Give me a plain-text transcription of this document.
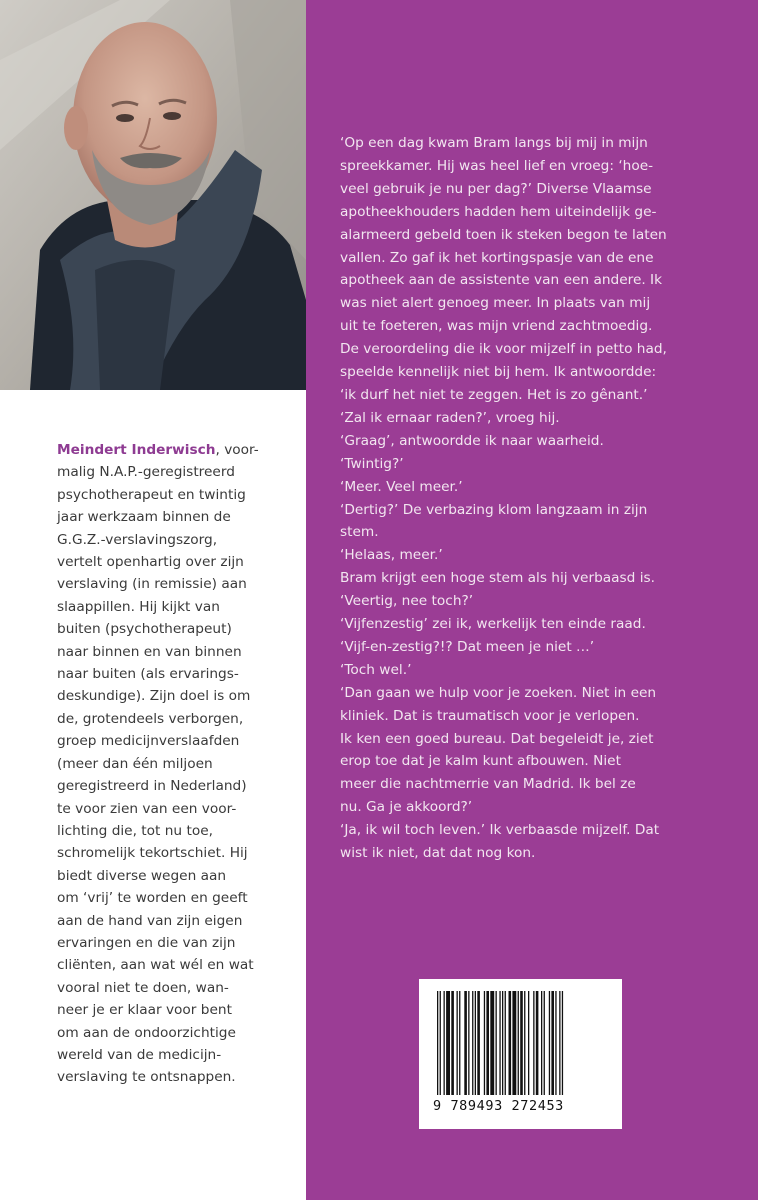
Meindert Inderwisch, voor-
malig N.A.P.-geregistreerd
psychotherapeut en twintig
jaar werkzaam binnen de
G.G.Z.-verslavingszorg,
vertelt openhartig over zijn
verslaving (in remissie) aan
slaappillen. Hij kijkt van
buiten (psychotherapeut)
naar binnen en van binnen
naar buiten (als ervarings-
deskundige). Zijn doel is om
de, grotendeels verborgen,
groep medicijnverslaafden
(meer dan één miljoen
geregistreerd in Nederland)
te voor zien van een voor-
lichting die, tot nu toe,
schromelijk tekortschiet. Hij
biedt diverse wegen aan
om ‘vrij’ te worden en geeft
aan de hand van zijn eigen
ervaringen en die van zijn
cliënten, aan wat wél en wat
vooral niet te doen, wan-
neer je er klaar voor bent
om aan de ondoorzichtige
wereld van de medicijn-
verslaving te ontsnappen.

‘Op een dag kwam Bram langs bij mij in mijn
spreekkamer. Hij was heel lief en vroeg: ‘hoe-
veel gebruik je nu per dag?’ Diverse Vlaamse
apotheekhouders hadden hem uiteindelijk ge-
alarmeerd gebeld toen ik steken begon te laten
vallen. Zo gaf ik het kortingspasje van de ene
apotheek aan de assistente van een andere. Ik
was niet alert genoeg meer. In plaats van mij
uit te foeteren, was mijn vriend zachtmoedig.
De veroordeling die ik voor mijzelf in petto had,
speelde kennelijk niet bij hem. Ik antwoordde:
‘ik durf het niet te zeggen. Het is zo gênant.’

‘Zal ik ernaar raden?’, vroeg hij.

‘Graag’, antwoordde ik naar waarheid.

‘Twintig?’

‘Meer. Veel meer.’

‘Dertig?’ De verbazing klom langzaam in zijn
stem.

‘Helaas, meer.’

Bram krijgt een hoge stem als hij verbaasd is.
‘Veertig, nee toch?’

‘Vijfenzestig’ zei ik, werkelijk ten einde raad.

‘Vijf-en-zestig?!? Dat meen je niet …’

‘Toch wel.’

‘Dan gaan we hulp voor je zoeken. Niet in een
kliniek. Dat is traumatisch voor je verlopen.
Ik ken een goed bureau. Dat begeleidt je, ziet
erop toe dat je kalm kunt afbouwen. Niet
meer die nachtmerrie van Madrid. Ik bel ze
nu. Ga je akkoord?’

‘Ja, ik wil toch leven.’ Ik verbaasde mijzelf. Dat
wist ik niet, dat dat nog kon.

9 789493 272453
